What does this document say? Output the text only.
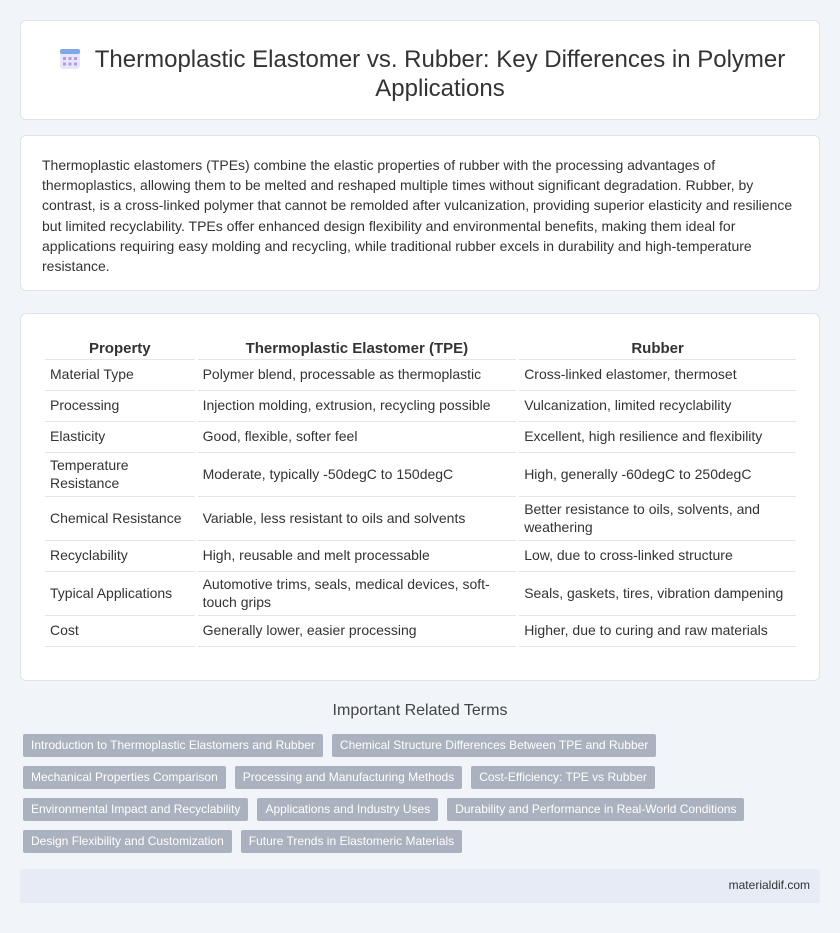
Thermoplastic Elastomer vs. Rubber: Key Differences in Polymer Applications

Thermoplastic elastomers (TPEs) combine the elastic properties of rubber with the processing advantages of thermoplastics, allowing them to be melted and reshaped multiple times without significant degradation. Rubber, by contrast, is a cross-linked polymer that cannot be remolded after vulcanization, providing superior elasticity and resilience but limited recyclability. TPEs offer enhanced design flexibility and environmental benefits, making them ideal for applications requiring easy molding and recycling, while traditional rubber excels in durability and high-temperature resistance.

Property	Thermoplastic Elastomer (TPE)	Rubber
Material Type	Polymer blend, processable as thermoplastic	Cross-linked elastomer, thermoset
Processing	Injection molding, extrusion, recycling possible	Vulcanization, limited recyclability
Elasticity	Good, flexible, softer feel	Excellent, high resilience and flexibility
Temperature Resistance	Moderate, typically -50degC to 150degC	High, generally -60degC to 250degC
Chemical Resistance	Variable, less resistant to oils and solvents	Better resistance to oils, solvents, and weathering
Recyclability	High, reusable and melt processable	Low, due to cross-linked structure
Typical Applications	Automotive trims, seals, medical devices, soft-touch grips	Seals, gaskets, tires, vibration dampening
Cost	Generally lower, easier processing	Higher, due to curing and raw materials
Important Related Terms
Introduction to Thermoplastic Elastomers and Rubber	Chemical Structure Differences Between TPE and Rubber
Mechanical Properties Comparison	Processing and Manufacturing Methods	Cost-Efficiency: TPE vs Rubber
Environmental Impact and Recyclability	Applications and Industry Uses	Durability and Performance in Real-World Conditions
Design Flexibility and Customization	Future Trends in Elastomeric Materials
materialdif.com
